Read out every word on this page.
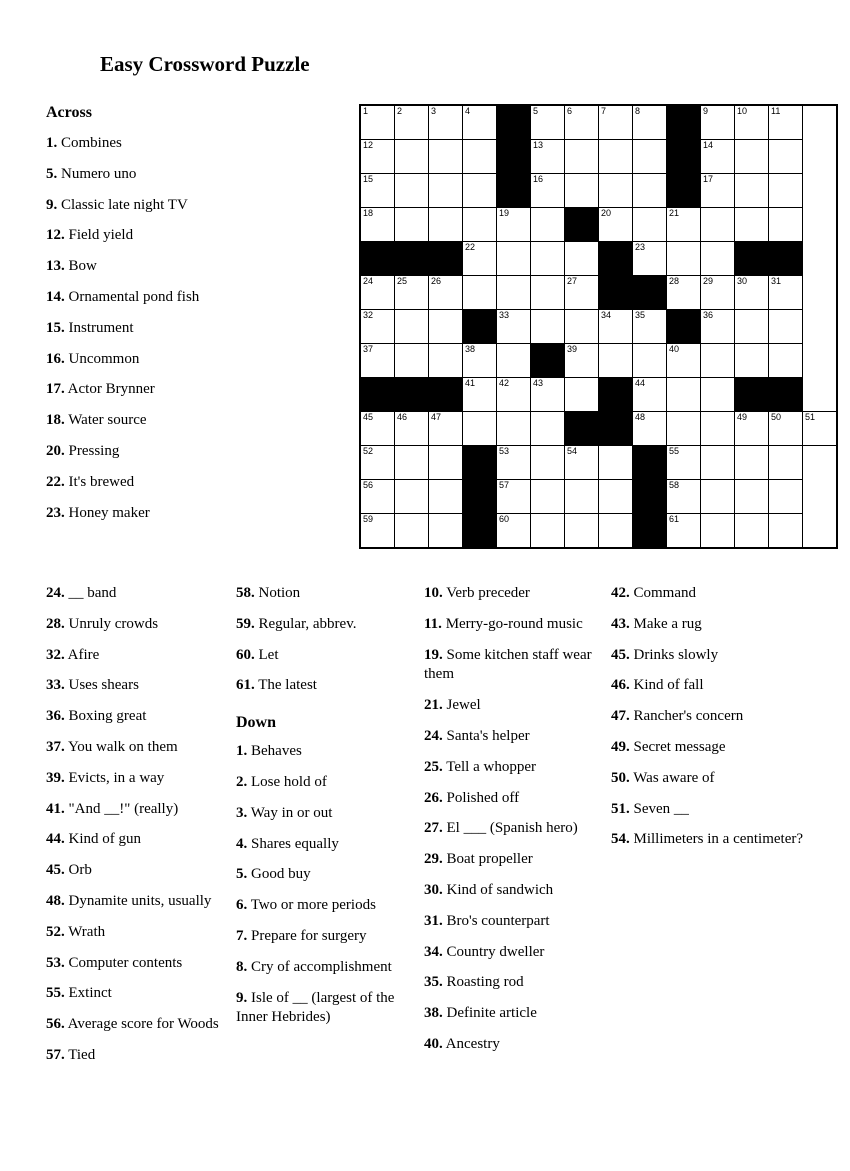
Easy Crossword Puzzle
Across
1. Combines
5. Numero uno
9. Classic late night TV
12. Field yield
13. Bow
14. Ornamental pond fish
15. Instrument
16. Uncommon
17. Actor Brynner
18. Water source
20. Pressing
22. It's brewed
23. Honey maker
1	2	3	4		5	6	7	8		9	10	11	

12					13					14			

15					16					17			

18				19			20		21				

			22					23					

24	25	26				27			28	29	30	31	

32				33			34	35		36			

37			38			39			40				

			41	42	43			44					

45	46	47						48			49	50	51

52				53		54			55				

56				57					58				

59				60					61				

24. __ band
28. Unruly crowds
32. Afire
33. Uses shears
36. Boxing great
37. You walk on them
39. Evicts, in a way
41. "And __!" (really)
44. Kind of gun
45. Orb
48. Dynamite units, usually
52. Wrath
53. Computer contents
55. Extinct
56. Average score for Woods
57. Tied
58. Notion
59. Regular, abbrev.
60. Let
61. The latest
Down
1. Behaves
2. Lose hold of
3. Way in or out
4. Shares equally
5. Good buy
6. Two or more periods
7. Prepare for surgery
8. Cry of accomplishment
9. Isle of __ (largest of the Inner Hebrides)
10. Verb preceder
11. Merry-go-round music
19. Some kitchen staff wear them
21. Jewel
24. Santa's helper
25. Tell a whopper
26. Polished off
27. El ___ (Spanish hero)
29. Boat propeller
30. Kind of sandwich
31. Bro's counterpart
34. Country dweller
35. Roasting rod
38. Definite article
40. Ancestry
42. Command
43. Make a rug
45. Drinks slowly
46. Kind of fall
47. Rancher's concern
49. Secret message
50. Was aware of
51. Seven __
54. Millimeters in a centimeter?
